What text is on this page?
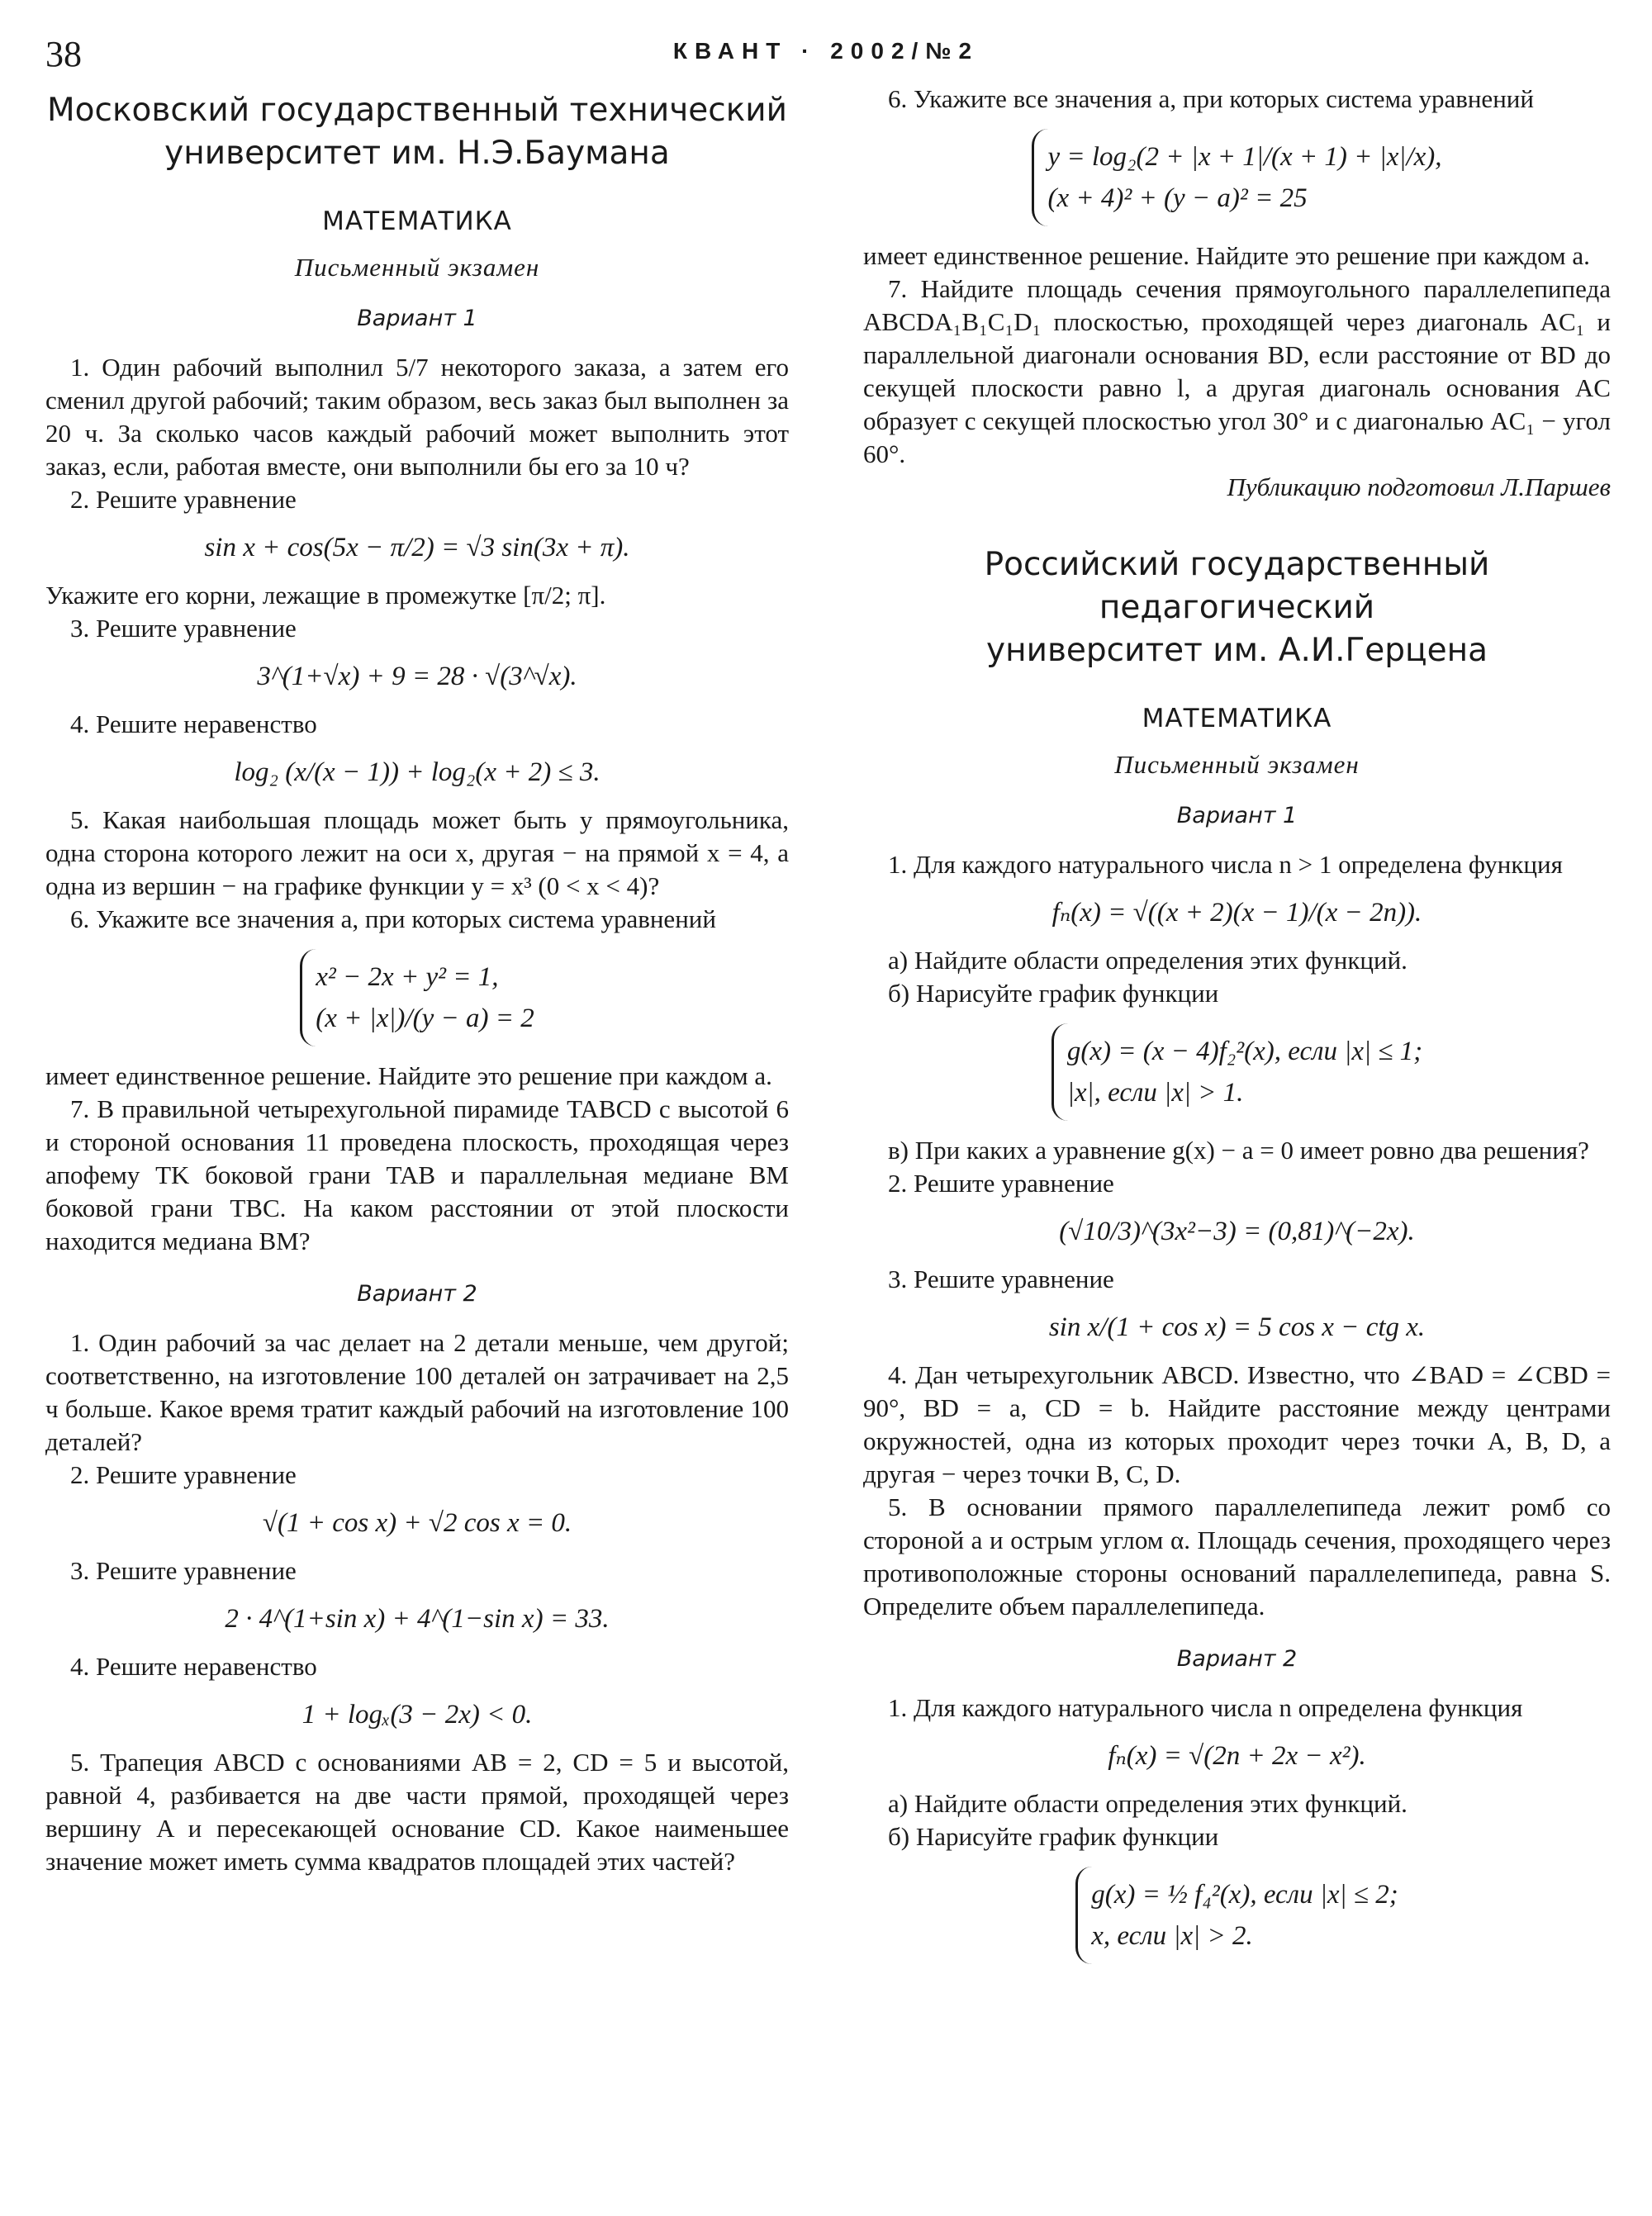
38	КВАНТ · 2002/№2
Московский государственный технический
университет им. Н.Э.Баумана
МАТЕМАТИКА
Письменный экзамен
Вариант 1

1. Один рабочий выполнил 5/7 некоторого заказа, а затем его сменил другой рабочий; таким образом, весь заказ был выполнен за 20 ч. За сколько часов каждый рабочий может выполнить этот заказ, если, работая вместе, они выполнили бы его за 10 ч?

2. Решите уравнение

sin x + cos(5x − π/2) = √3 sin(3x + π).

Укажите его корни, лежащие в промежутке [π/2; π].

3. Решите уравнение

3^(1+√x) + 9 = 28 · √(3^√x).

4. Решите неравенство

log₂ (x/(x − 1)) + log₂(x + 2) ≤ 3.

5. Какая наибольшая площадь может быть у прямоугольника, одна сторона которого лежит на оси x, другая − на прямой x = 4, а одна из вершин − на графике функции y = x³ (0 < x < 4)?

6. Укажите все значения a, при которых система уравнений

x² − 2x + y² = 1,
(x + |x|)/(y − a) = 2

имеет единственное решение. Найдите это решение при каждом a.

7. В правильной четырехугольной пирамиде TABCD с высотой 6 и стороной основания 11 проведена плоскость, проходящая через апофему TK боковой грани TAB и параллельная медиане BM боковой грани TBC. На каком расстоянии от этой плоскости находится медиана BM?

Вариант 2

1. Один рабочий за час делает на 2 детали меньше, чем другой; соответственно, на изготовление 100 деталей он затрачивает на 2,5 ч больше. Какое время тратит каждый рабочий на изготовление 100 деталей?

2. Решите уравнение

√(1 + cos x) + √2 cos x = 0.

3. Решите уравнение

2 · 4^(1+sin x) + 4^(1−sin x) = 33.

4. Решите неравенство

1 + logₓ(3 − 2x) < 0.

5. Трапеция ABCD с основаниями AB = 2, CD = 5 и высотой, равной 4, разбивается на две части прямой, проходящей через вершину A и пересекающей основание CD. Какое наименьшее значение может иметь сумма квадратов площадей этих частей?

6. Укажите все значения a, при которых система уравнений

y = log₂(2 + |x + 1|/(x + 1) + |x|/x),
(x + 4)² + (y − a)² = 25

имеет единственное решение. Найдите это решение при каждом a.

7. Найдите площадь сечения прямоугольного параллелепипеда ABCDA₁B₁C₁D₁ плоскостью, проходящей через диагональ AC₁ и параллельной диагонали основания BD, если расстояние от BD до секущей плоскости равно l, а другая диагональ основания AC образует с секущей плоскостью угол 30° и с диагональю AC₁ − угол 60°.

Публикацию подготовил Л.Паршев
Российский государственный педагогический
университет им. А.И.Герцена
МАТЕМАТИКА
Письменный экзамен
Вариант 1

1. Для каждого натурального числа n > 1 определена функция

fₙ(x) = √((x + 2)(x − 1)/(x − 2n)).

а) Найдите области определения этих функций.

б) Нарисуйте график функции

g(x) = (x − 4)f₂²(x), если |x| ≤ 1;
|x|, если |x| > 1.

в) При каких a уравнение g(x) − a = 0 имеет ровно два решения?

2. Решите уравнение

(√10/3)^(3x²−3) = (0,81)^(−2x).

3. Решите уравнение

sin x/(1 + cos x) = 5 cos x − ctg x.

4. Дан четырехугольник ABCD. Известно, что ∠BAD = ∠CBD = 90°, BD = a, CD = b. Найдите расстояние между центрами окружностей, одна из которых проходит через точки A, B, D, а другая − через точки B, C, D.

5. В основании прямого параллелепипеда лежит ромб со стороной a и острым углом α. Площадь сечения, проходящего через противоположные стороны оснований параллелепипеда, равна S. Определите объем параллелепипеда.

Вариант 2

1. Для каждого натурального числа n определена функция

fₙ(x) = √(2n + 2x − x²).

а) Найдите области определения этих функций.

б) Нарисуйте график функции

g(x) = ½ f₄²(x), если |x| ≤ 2;
x, если |x| > 2.
